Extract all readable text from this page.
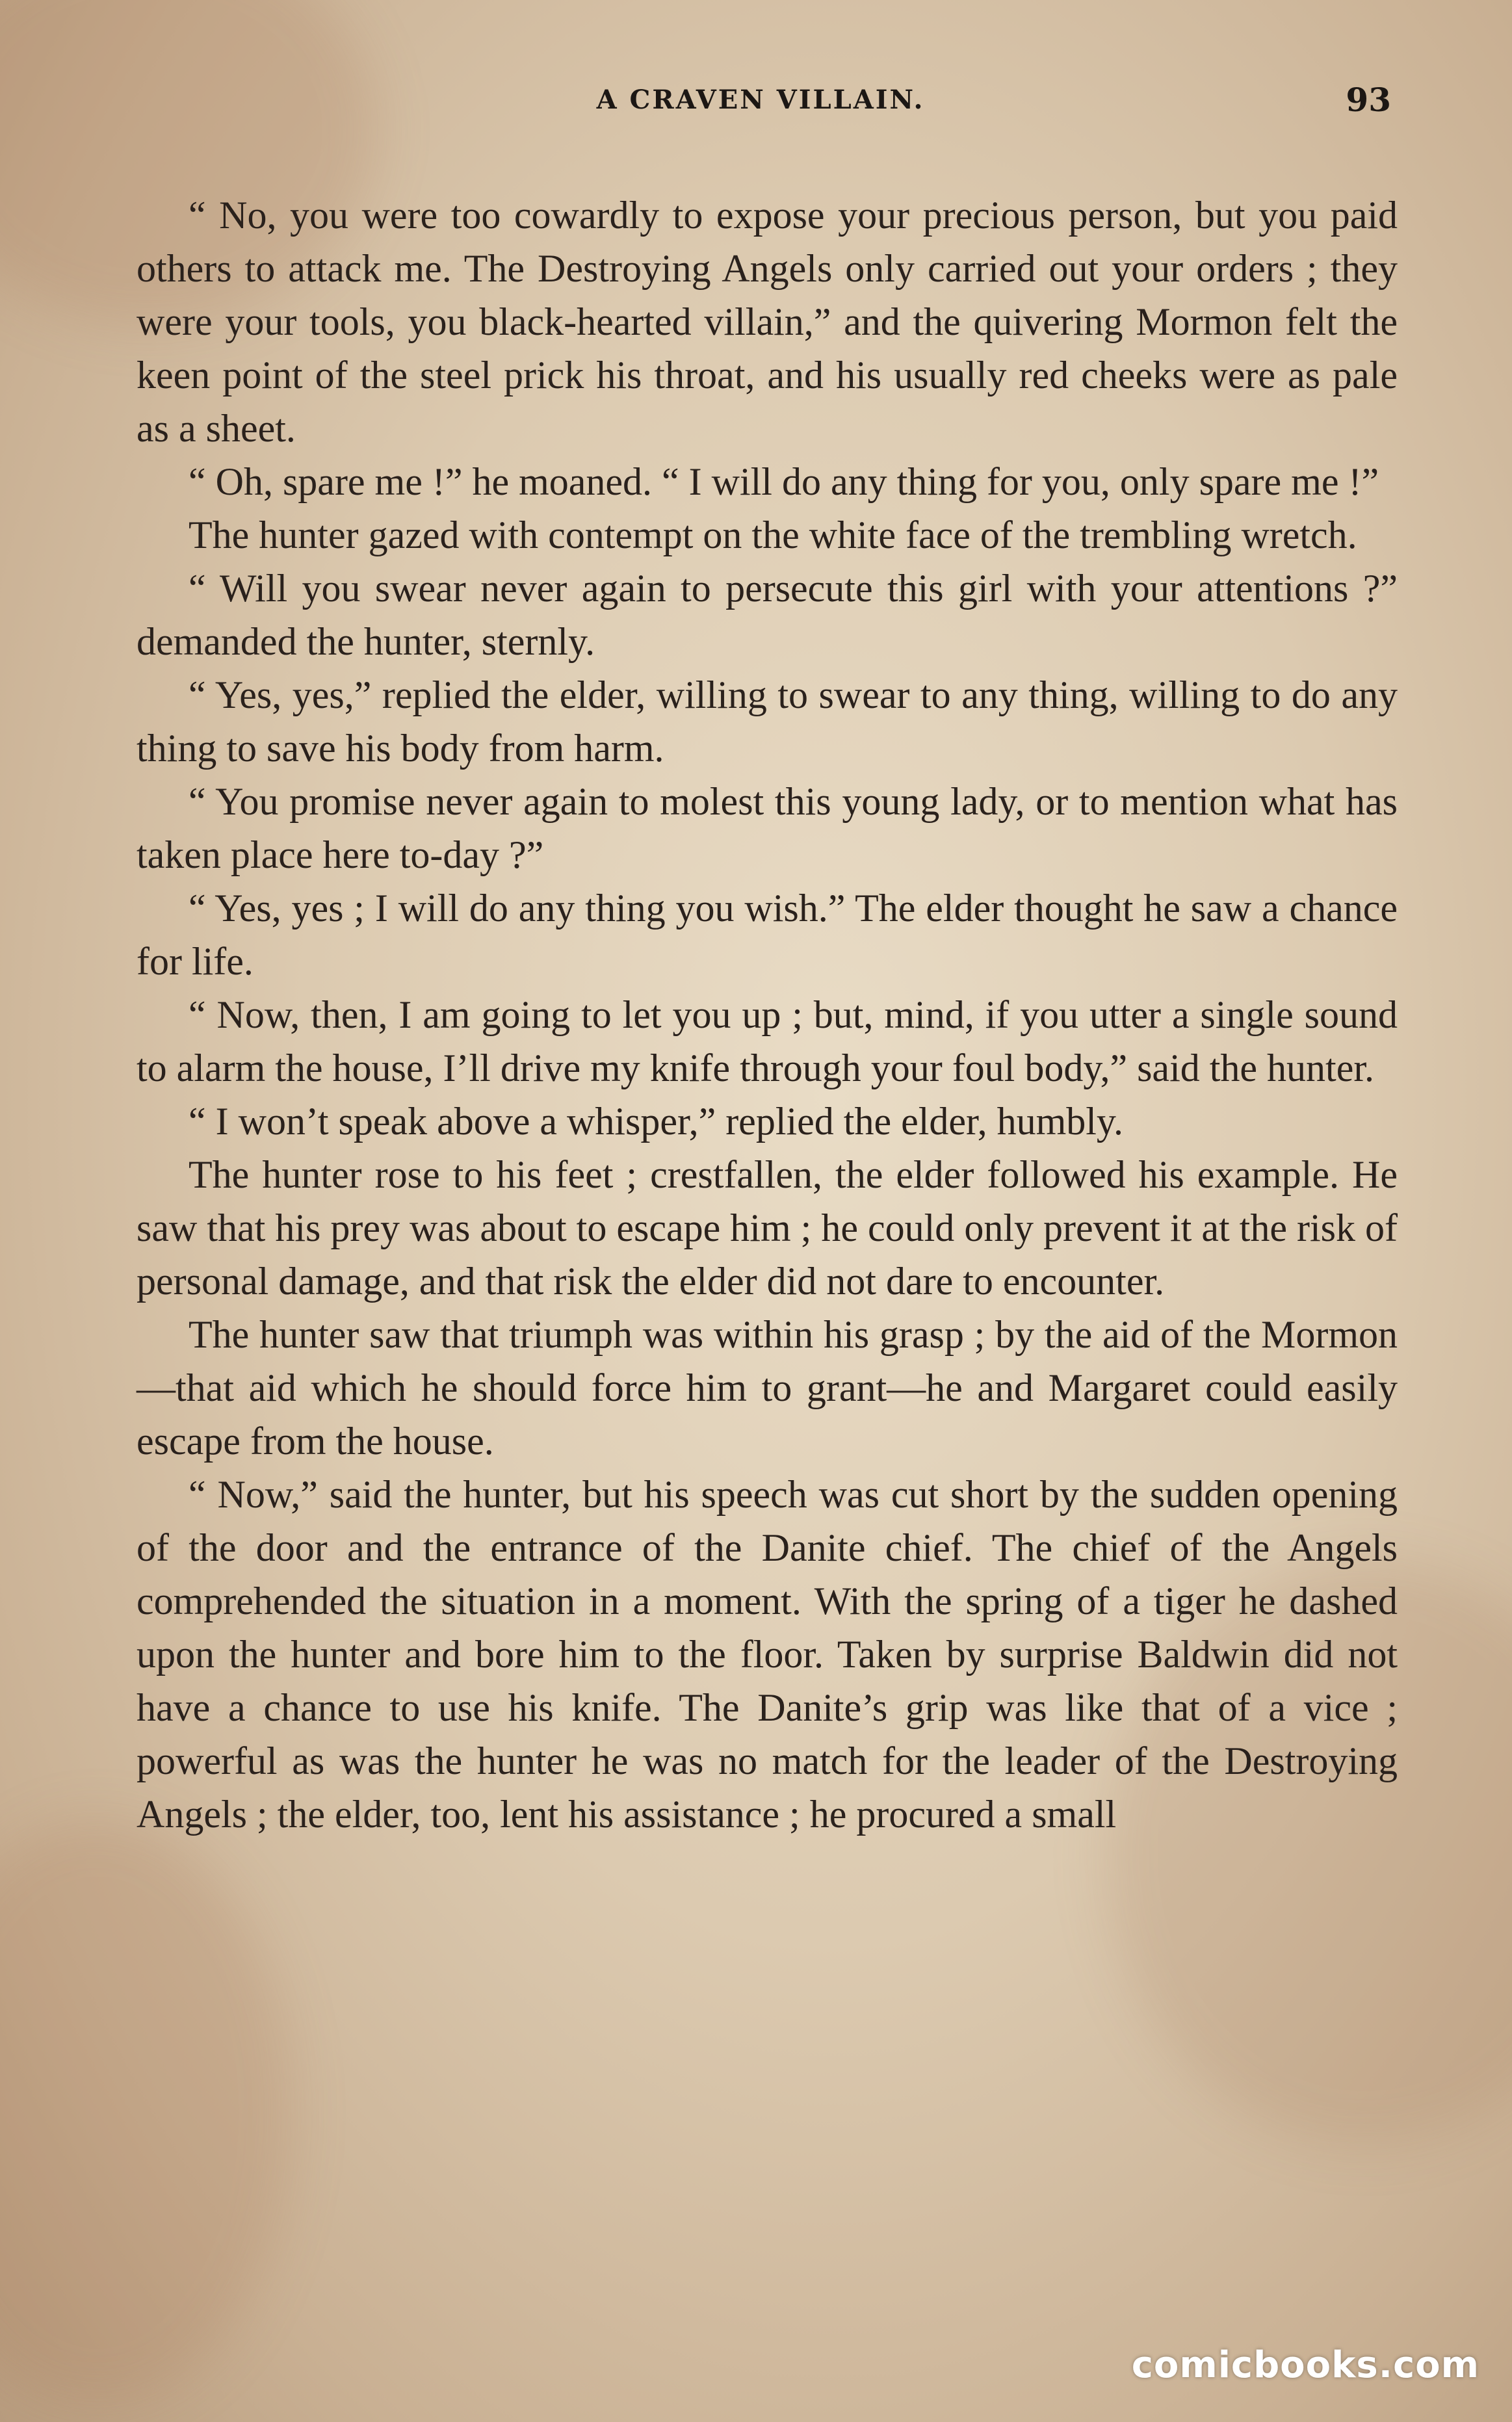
A CRAVEN VILLAIN.	93

“ No, you were too cowardly to expose your precious person, but you paid others to attack me. The Destroying Angels only carried out your orders ; they were your tools, you black-hearted villain,” and the quivering Mormon felt the keen point of the steel prick his throat, and his usually red cheeks were as pale as a sheet.

“ Oh, spare me !” he moaned. “ I will do any thing for you, only spare me !”

The hunter gazed with contempt on the white face of the trembling wretch.

“ Will you swear never again to persecute this girl with your attentions ?” demanded the hunter, sternly.

“ Yes, yes,” replied the elder, willing to swear to any thing, willing to do any thing to save his body from harm.

“ You promise never again to molest this young lady, or to mention what has taken place here to-day ?”

“ Yes, yes ; I will do any thing you wish.” The elder thought he saw a chance for life.

“ Now, then, I am going to let you up ; but, mind, if you utter a single sound to alarm the house, I’ll drive my knife through your foul body,” said the hunter.

“ I won’t speak above a whisper,” replied the elder, humbly.

The hunter rose to his feet ; crestfallen, the elder followed his example. He saw that his prey was about to escape him ; he could only prevent it at the risk of personal damage, and that risk the elder did not dare to encounter.

The hunter saw that triumph was within his grasp ; by the aid of the Mormon—that aid which he should force him to grant—he and Margaret could easily escape from the house.

“ Now,” said the hunter, but his speech was cut short by the sudden opening of the door and the entrance of the Danite chief. The chief of the Angels comprehended the situation in a moment. With the spring of a tiger he dashed upon the hunter and bore him to the floor. Taken by surprise Baldwin did not have a chance to use his knife. The Danite’s grip was like that of a vice ; powerful as was the hunter he was no match for the leader of the Destroying Angels ; the elder, too, lent his assistance ; he procured a small

comicbooks.com
